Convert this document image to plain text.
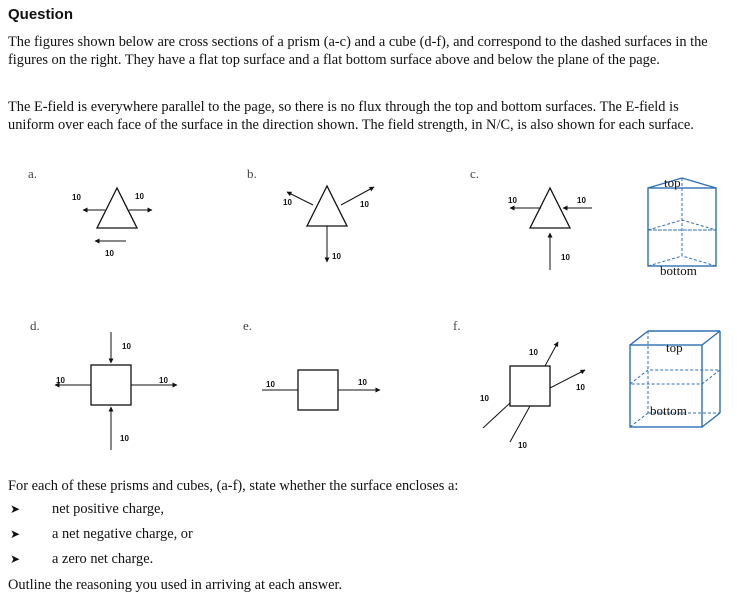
Question

The figures shown below are cross sections of a prism (a-c) and a cube (d-f), and correspond to the dashed surfaces in the figures on the right. They have a flat top surface and a flat bottom surface above and below the plane of the page.

The E-field is everywhere parallel to the page, so there is no flux through the top and bottom surfaces. The E-field is uniform over each face of the surface in the direction shown. The field strength, in N/C, is also shown for each surface.

a.	b.	c.
d.	e.	f.
10	10
10
10	10
10
10	10
10
top
bottom
10
10	10
10
10	10
10
10
10
10
top
bottom

For each of these prisms and cubes, (a-f), state whether the surface encloses a:

➤ net positive charge,
➤ a net negative charge, or
➤ a zero net charge.
Outline the reasoning you used in arriving at each answer.
